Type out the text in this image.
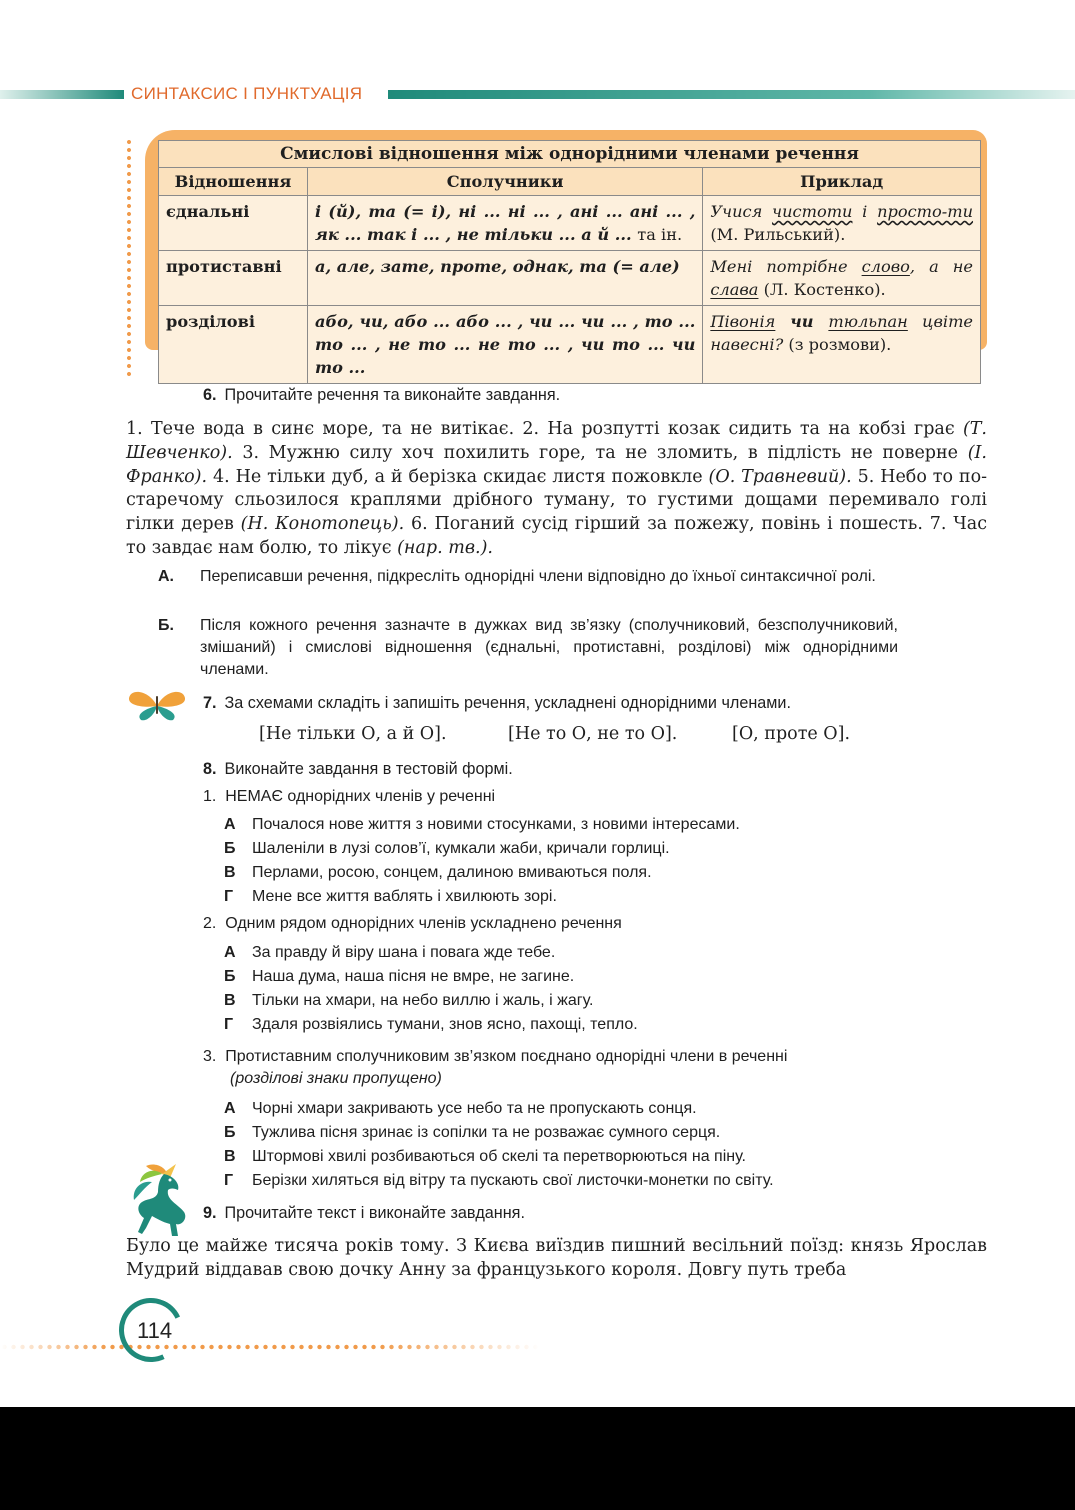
СИНТАКСИС І ПУНКТУАЦІЯ
Смислові відношення між однорідними членами речення		
Відношення	Сполучники	Приклад
єднальні	і (й), та (= і), ні ... ні ... , ані ... ані ... , як ... так і ... , не тільки ... а й ... та ін.	Учися чистоти і просто-ти (М. Рильський).
протиставні	а, але, зате, проте, однак, та (= але)	Мені потрібне слово, а не слава (Л. Костенко).
розділові	або, чи, або ... або ... , чи ... чи ... , то ... то ... , не то ... не то ... , чи то ... чи то ...	Півонія чи тюльпан цвіте навесні? (з розмови).
6. Прочитайте речення та виконайте завдання.
1. Тече вода в синє море, та не витікає. 2. На розпутті козак сидить та на кобзі грає (Т. Шевченко). 3. Мужню силу хоч похилить горе, та не зломить, в підлість не поверне (І. Франко). 4. Не тільки дуб, а й берізка скидає листя пожовкле (О. Травневий). 5. Небо то по-старечому сльозилося краплями дрібного туману, то густими дощами перемивало голі гілки дерев (Н. Конотопець). 6. Поганий сусід гірший за пожежу, повінь і пошесть. 7. Час то завдає нам болю, то лікує (нар. тв.).
А. Переписавши речення, підкресліть однорідні члени відповідно до їхньої синтаксичної ролі.
Б. Після кожного речення зазначте в дужках вид зв’язку (сполучниковий, безсполучниковий, змішаний) і смислові відношення (єднальні, протиставні, розділові) між однорідними членами.
7. За схемами складіть і запишіть речення, ускладнені однорідними членами.
[Не тільки О, а й О].	[Не то О, не то О].	[О, проте О].
8. Виконайте завдання в тестовій формі.
1. НЕМАЄ однорідних членів у реченні
А Почалося нове життя з новими стосунками, з новими інтересами.
Б Шаленіли в лузі солов’ї, кумкали жаби, кричали горлиці.
В Перлами, росою, сонцем, далиною вмиваються поля.
Г Мене все життя ваблять і хвилюють зорі.
2. Одним рядом однорідних членів ускладнено речення
А За правду й віру шана і повага жде тебе.
Б Наша дума, наша пісня не вмре, не загине.
В Тільки на хмари, на небо виллю і жаль, і жагу.
Г Здаля розвіялись тумани, знов ясно, пахощі, тепло.
3. Протиставним сполучниковим зв’язком поєднано однорідні члени в реченні
(розділові знаки пропущено)
А Чорні хмари закривають усе небо та не пропускають сонця.
Б Тужлива пісня зринає із сопілки та не розважає сумного серця.
В Штормові хвилі розбиваються об скелі та перетворюються на піну.
Г Берізки хиляться від вітру та пускають свої листочки-монетки по світу.
9. Прочитайте текст і виконайте завдання.
Було це майже тисяча років тому. З Києва виїздив пишний весільний поїзд: князь Ярослав Мудрий віддавав свою дочку Анну за французького короля. Довгу путь треба
114
